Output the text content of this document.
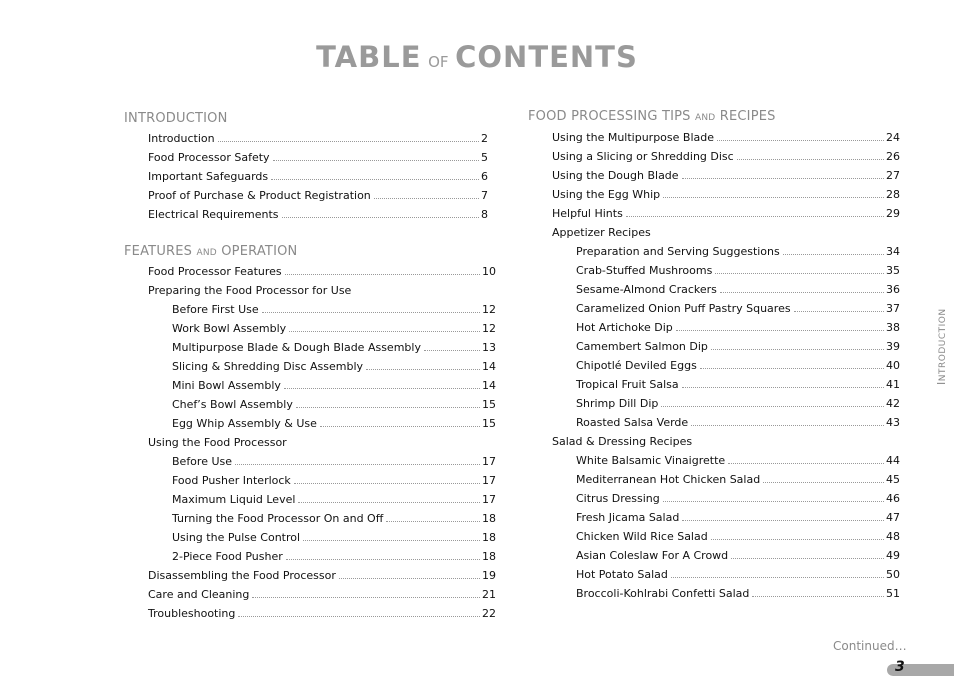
TABLE OF CONTENTS
INTRODUCTION
Introduction	2
Food Processor Safety	5
Important Safeguards	6
Proof of Purchase & Product Registration	7
Electrical Requirements	8
FEATURES AND OPERATION
Food Processor Features	10
Preparing the Food Processor for Use
Before First Use	12
Work Bowl Assembly	12
Multipurpose Blade & Dough Blade Assembly	13
Slicing & Shredding Disc Assembly	14
Mini Bowl Assembly	14
Chef’s Bowl Assembly	15
Egg Whip Assembly & Use	15
Using the Food Processor
Before Use	17
Food Pusher Interlock	17
Maximum Liquid Level	17
Turning the Food Processor On and Off	18
Using the Pulse Control	18
2-Piece Food Pusher	18
Disassembling the Food Processor	19
Care and Cleaning	21
Troubleshooting	22
FOOD PROCESSING TIPS AND RECIPES
Using the Multipurpose Blade	24
Using a Slicing or Shredding Disc	26
Using the Dough Blade	27
Using the Egg Whip	28
Helpful Hints	29
Appetizer Recipes
Preparation and Serving Suggestions	34
Crab-Stuffed Mushrooms	35
Sesame-Almond Crackers	36
Caramelized Onion Puff Pastry Squares	37
Hot Artichoke Dip	38
Camembert Salmon Dip	39
Chipotlé Deviled Eggs	40
Tropical Fruit Salsa	41
Shrimp Dill Dip	42
Roasted Salsa Verde	43
Salad & Dressing Recipes
White Balsamic Vinaigrette	44
Mediterranean Hot Chicken Salad	45
Citrus Dressing	46
Fresh Jicama Salad	47
Chicken Wild Rice Salad	48
Asian Coleslaw For A Crowd	49
Hot Potato Salad	50
Broccoli-Kohlrabi Confetti Salad	51
INTRODUCTION
Continued…
3
